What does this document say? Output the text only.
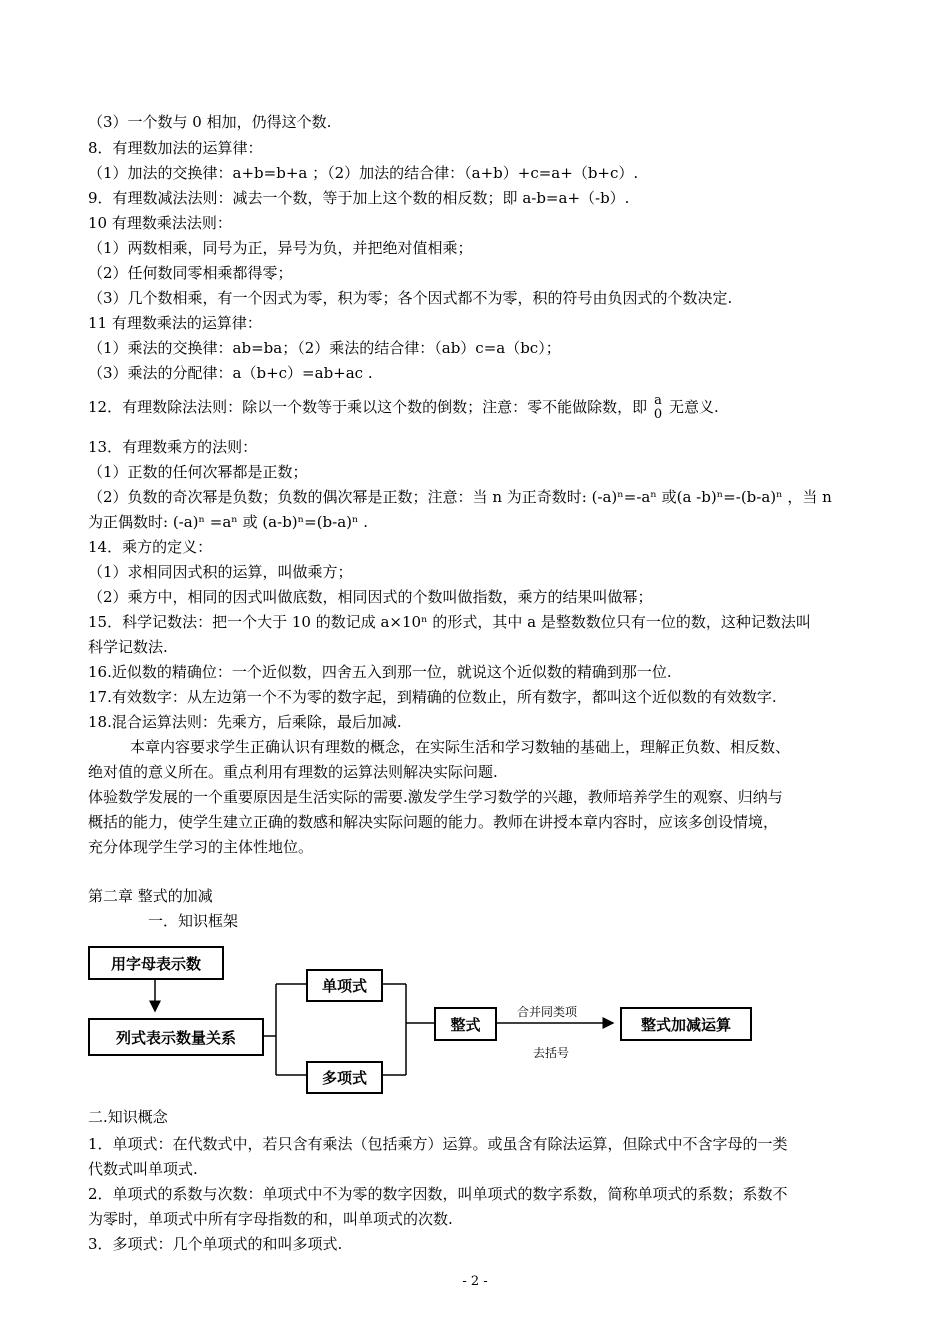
（3）一个数与 0 相加，仍得这个数.
8．有理数加法的运算律：
（1）加法的交换律：a+b=b+a ；（2）加法的结合律：（a+b）+c=a+（b+c）.
9．有理数减法法则：减去一个数，等于加上这个数的相反数；即 a-b=a+（-b）.
10 有理数乘法法则：
（1）两数相乘，同号为正，异号为负，并把绝对值相乘；
（2）任何数同零相乘都得零；
（3）几个数相乘，有一个因式为零，积为零；各个因式都不为零，积的符号由负因式的个数决定.
11 有理数乘法的运算律：
（1）乘法的交换律：ab=ba；（2）乘法的结合律：（ab）c=a（bc）；
（3）乘法的分配律：a（b+c）=ab+ac .
12．有理数除法法则：除以一个数等于乘以这个数的倒数；注意：零不能做除数，即 a
0 无意义.
13．有理数乘方的法则：
（1）正数的任何次幂都是正数；
（2）负数的奇次幂是负数；负数的偶次幂是正数；注意：当 n 为正奇数时: (-a)ⁿ=-aⁿ 或(a -b)ⁿ=-(b-a)ⁿ ，当 n
为正偶数时: (-a)ⁿ =aⁿ 或 (a-b)ⁿ=(b-a)ⁿ .
14．乘方的定义：
（1）求相同因式积的运算，叫做乘方；
（2）乘方中，相同的因式叫做底数，相同因式的个数叫做指数，乘方的结果叫做幂；
15．科学记数法：把一个大于 10 的数记成 a×10ⁿ 的形式，其中 a 是整数数位只有一位的数，这种记数法叫
科学记数法.
16.近似数的精确位：一个近似数，四舍五入到那一位，就说这个近似数的精确到那一位.
17.有效数字：从左边第一个不为零的数字起，到精确的位数止，所有数字，都叫这个近似数的有效数字.
18.混合运算法则：先乘方，后乘除，最后加减.
本章内容要求学生正确认识有理数的概念，在实际生活和学习数轴的基础上，理解正负数、相反数、
绝对值的意义所在。重点利用有理数的运算法则解决实际问题.
体验数学发展的一个重要原因是生活实际的需要.激发学生学习数学的兴趣，教师培养学生的观察、归纳与
概括的能力，使学生建立正确的数感和解决实际问题的能力。教师在讲授本章内容时，应该多创设情境，
充分体现学生学习的主体性地位。
第二章 整式的加减
一．知识框架
用字母表示数
列式表示数量关系
单项式
多项式
整式	整式加减运算
合并同类项
去括号
二.知识概念
1．单项式：在代数式中，若只含有乘法（包括乘方）运算。或虽含有除法运算，但除式中不含字母的一类
代数式叫单项式.
2．单项式的系数与次数：单项式中不为零的数字因数，叫单项式的数字系数，简称单项式的系数；系数不
为零时，单项式中所有字母指数的和，叫单项式的次数.
3．多项式：几个单项式的和叫多项式.
- 2 -
